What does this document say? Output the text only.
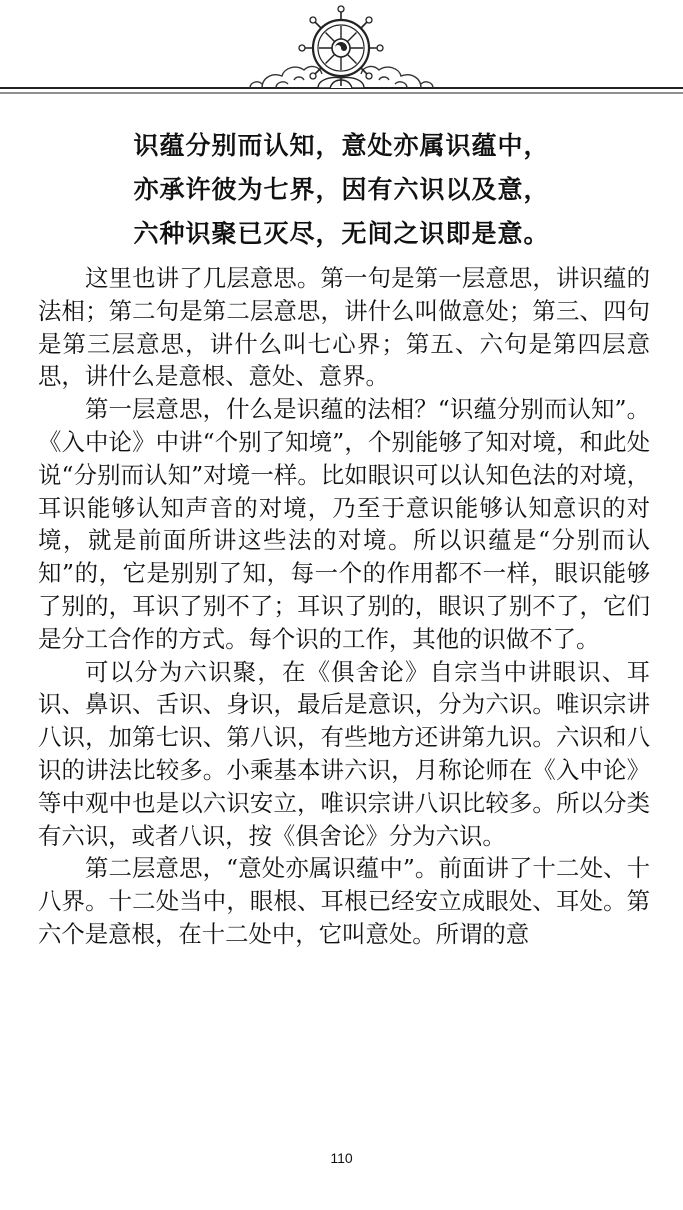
识蕴分别而认知，意处亦属识蕴中，
亦承许彼为七界，因有六识以及意，
六种识聚已灭尽，无间之识即是意。

这里也讲了几层意思。第一句是第一层意思，讲识蕴的法相；第二句是第二层意思，讲什么叫做意处；第三、四句是第三层意思，讲什么叫七心界；第五、六句是第四层意思，讲什么是意根、意处、意界。

第一层意思，什么是识蕴的法相？“识蕴分别而认知”。《入中论》中讲“个别了知境”，个别能够了知对境，和此处说“分别而认知”对境一样。比如眼识可以认知色法的对境，耳识能够认知声音的对境，乃至于意识能够认知意识的对境，就是前面所讲这些法的对境。所以识蕴是“分别而认知”的，它是别别了知，每一个的作用都不一样，眼识能够了别的，耳识了别不了；耳识了别的，眼识了别不了，它们是分工合作的方式。每个识的工作，其他的识做不了。

可以分为六识聚，在《俱舍论》自宗当中讲眼识、耳识、鼻识、舌识、身识，最后是意识，分为六识。唯识宗讲八识，加第七识、第八识，有些地方还讲第九识。六识和八识的讲法比较多。小乘基本讲六识，月称论师在《入中论》等中观中也是以六识安立，唯识宗讲八识比较多。所以分类有六识，或者八识，按《俱舍论》分为六识。

第二层意思，“意处亦属识蕴中”。前面讲了十二处、十八界。十二处当中，眼根、耳根已经安立成眼处、耳处。第六个是意根，在十二处中，它叫意处。所谓的意

110
